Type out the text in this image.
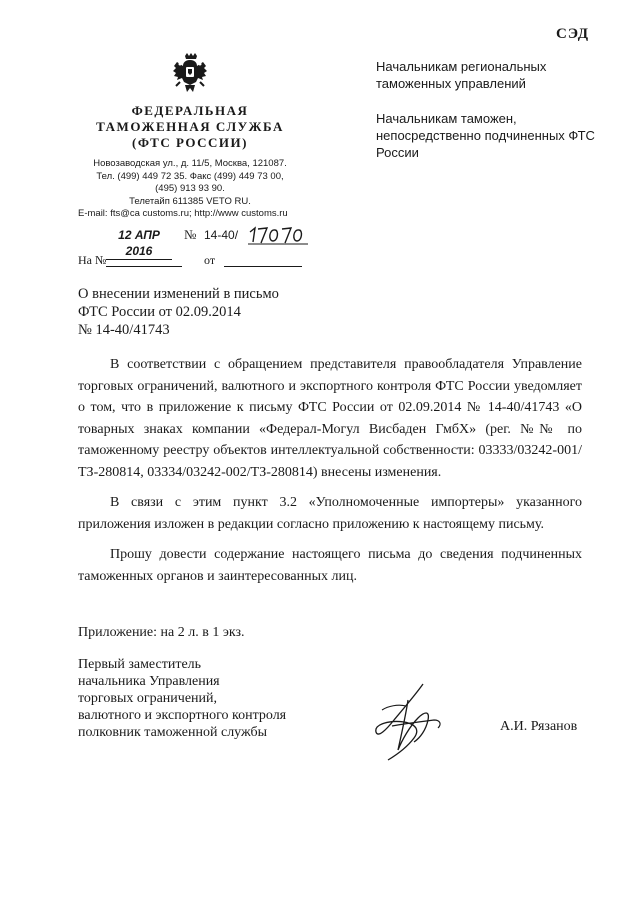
СЭД
ФЕДЕРАЛЬНАЯ
ТАМОЖЕННАЯ СЛУЖБА
(ФТС РОССИИ)
Новозаводская ул., д. 11/5, Москва, 121087.
Тел. (499) 449 72 35. Факс (499) 449 73 00,
(495) 913 93 90.
Телетайп 611385 VETO RU.
E-mail: fts@ca customs.ru; http://www customs.ru
12 АПР 2016
№ 14-40/
На №	от
Начальникам региональных таможенных управлений
Начальникам таможен, непосредственно подчиненных ФТС России
О внесении изменений в письмо
ФТС России от 02.09.2014
№ 14-40/41743

В соответствии с обращением представителя правообладателя Управление торговых ограничений, валютного и экспортного контроля ФТС России уведомляет о том, что в приложение к письму ФТС России от 02.09.2014 № 14-40/41743 «О товарных знаках компании «Федерал-Могул Висбаден ГмбХ» (рег. №№ по таможенному реестру объектов интеллектуальной собственности: 03333/03242-001/ТЗ-280814, 03334/03242-002/ТЗ-280814) внесены изменения.

В связи с этим пункт 3.2 «Уполномоченные импортеры» указанного приложения изложен в редакции согласно приложению к настоящему письму.

Прошу довести содержание настоящего письма до сведения подчиненных таможенных органов и заинтересованных лиц.

Приложение: на 2 л. в 1 экз.
Первый заместитель
начальника Управления
торговых ограничений,
валютного и экспортного контроля
полковник таможенной службы	А.И. Рязанов
